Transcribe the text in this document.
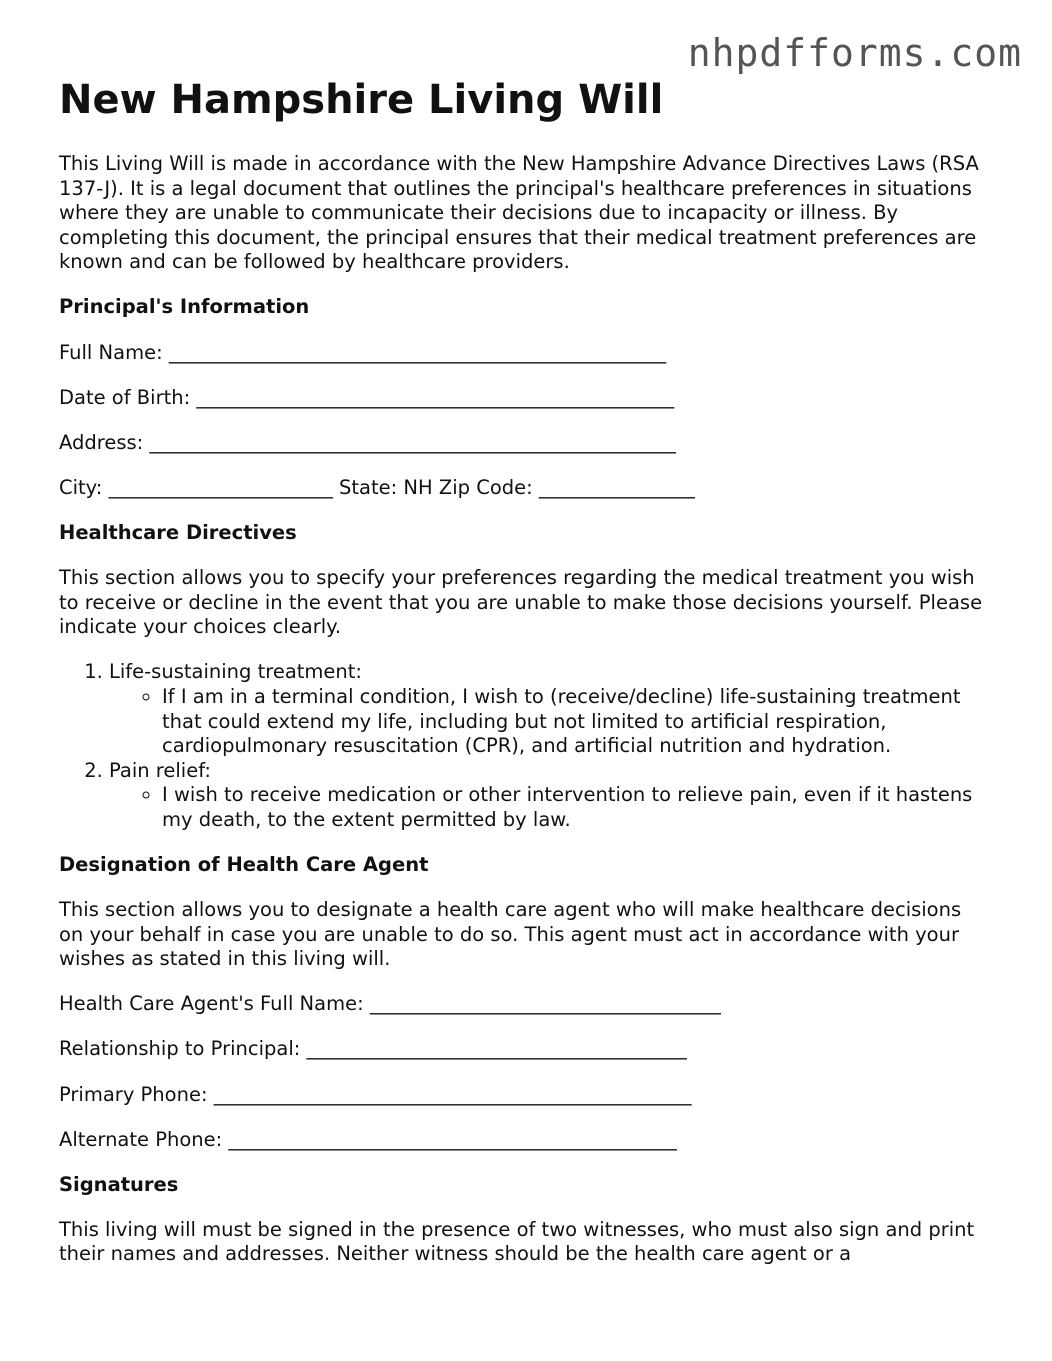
nhpdfforms.com
New Hampshire Living Will

This Living Will is made in accordance with the New Hampshire Advance Directives Laws (RSA 137-J). It is a legal document that outlines the principal's healthcare preferences in situations where they are unable to communicate their decisions due to incapacity or illness. By completing this document, the principal ensures that their medical treatment preferences are known and can be followed by healthcare providers.

Principal's Information
Full Name: ___________________________________________________
Date of Birth: _________________________________________________
Address: ______________________________________________________
City: _______________________ State: NH Zip Code: ________________
Healthcare Directives

This section allows you to specify your preferences regarding the medical treatment you wish to receive or decline in the event that you are unable to make those decisions yourself. Please indicate your choices clearly.

1. Life-sustaining treatment:
◦ If I am in a terminal condition, I wish to (receive/decline) life-sustaining treatment that could extend my life, including but not limited to artificial respiration, cardiopulmonary resuscitation (CPR), and artificial nutrition and hydration.
2. Pain relief:
◦ I wish to receive medication or other intervention to relieve pain, even if it hastens my death, to the extent permitted by law.
Designation of Health Care Agent

This section allows you to designate a health care agent who will make healthcare decisions on your behalf in case you are unable to do so. This agent must act in accordance with your wishes as stated in this living will.

Health Care Agent's Full Name: ____________________________________
Relationship to Principal: _______________________________________
Primary Phone: _________________________________________________
Alternate Phone: ______________________________________________
Signatures

This living will must be signed in the presence of two witnesses, who must also sign and print their names and addresses. Neither witness should be the health care agent or a
